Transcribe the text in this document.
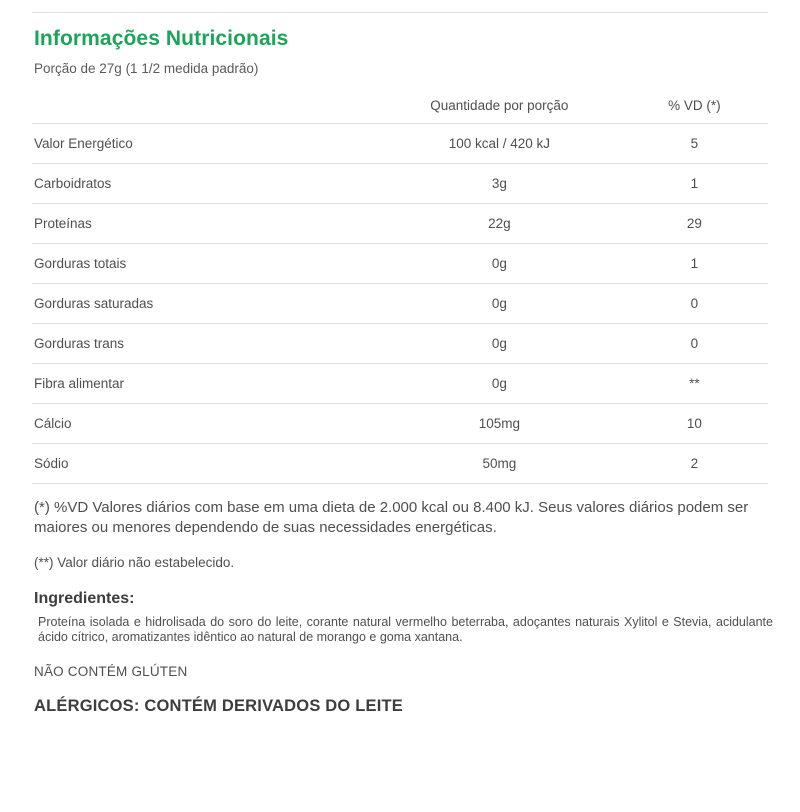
Informações Nutricionais
Porção de 27g (1 1/2 medida padrão)
	Quantidade por porção	% VD (*)
Valor Energético	100 kcal / 420 kJ	5
Carboidratos	3g	1
Proteínas	22g	29
Gorduras totais	0g	1
Gorduras saturadas	0g	0
Gorduras trans	0g	0
Fibra alimentar	0g	**
Cálcio	105mg	10
Sódio	50mg	2
(*) %VD Valores diários com base em uma dieta de 2.000 kcal ou 8.400 kJ. Seus valores diários podem ser maiores ou menores dependendo de suas necessidades energéticas.
(**) Valor diário não estabelecido.
Ingredientes:
Proteína isolada e hidrolisada do soro do leite, corante natural vermelho beterraba, adoçantes naturais Xylitol e Stevia, acidulante ácido cítrico, aromatizantes idêntico ao natural de morango e goma xantana.
NÃO CONTÉM GLÚTEN
ALÉRGICOS: CONTÉM DERIVADOS DO LEITE
